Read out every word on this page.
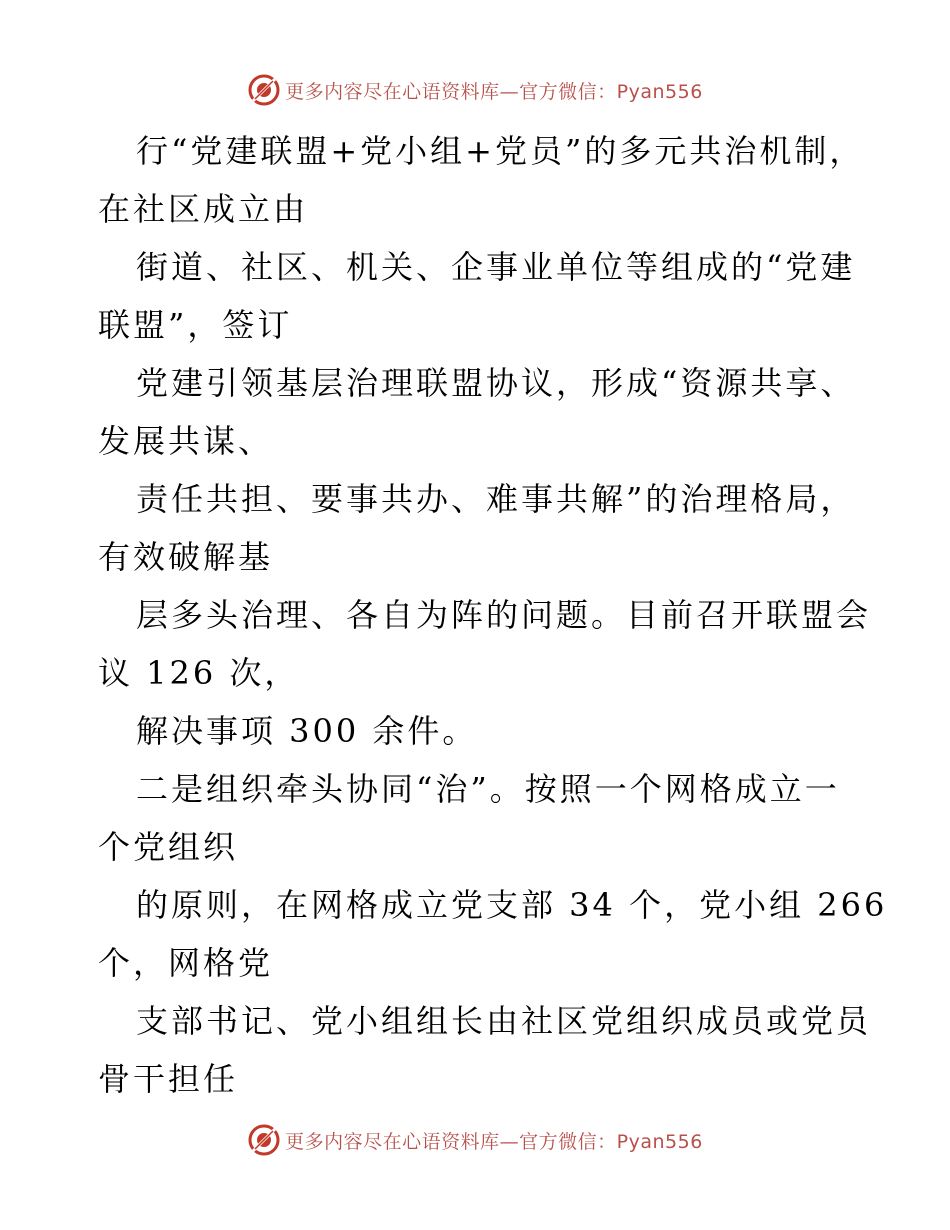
更多内容尽在心语资料库—官方微信：Pyan556
行“党建联盟+党小组+党员”的多元共治机制，
在社区成立由
街道、社区、机关、企事业单位等组成的“党建
联盟”，签订
党建引领基层治理联盟协议，形成“资源共享、
发展共谋、
责任共担、要事共办、难事共解”的治理格局，
有效破解基
层多头治理、各自为阵的问题。目前召开联盟会
议 126 次，
解决事项 300 余件。
二是组织牵头协同“治”。按照一个网格成立一
个党组织
的原则，在网格成立党支部 34 个，党小组 266
个，网格党
支部书记、党小组组长由社区党组织成员或党员
骨干担任
更多内容尽在心语资料库—官方微信：Pyan556
